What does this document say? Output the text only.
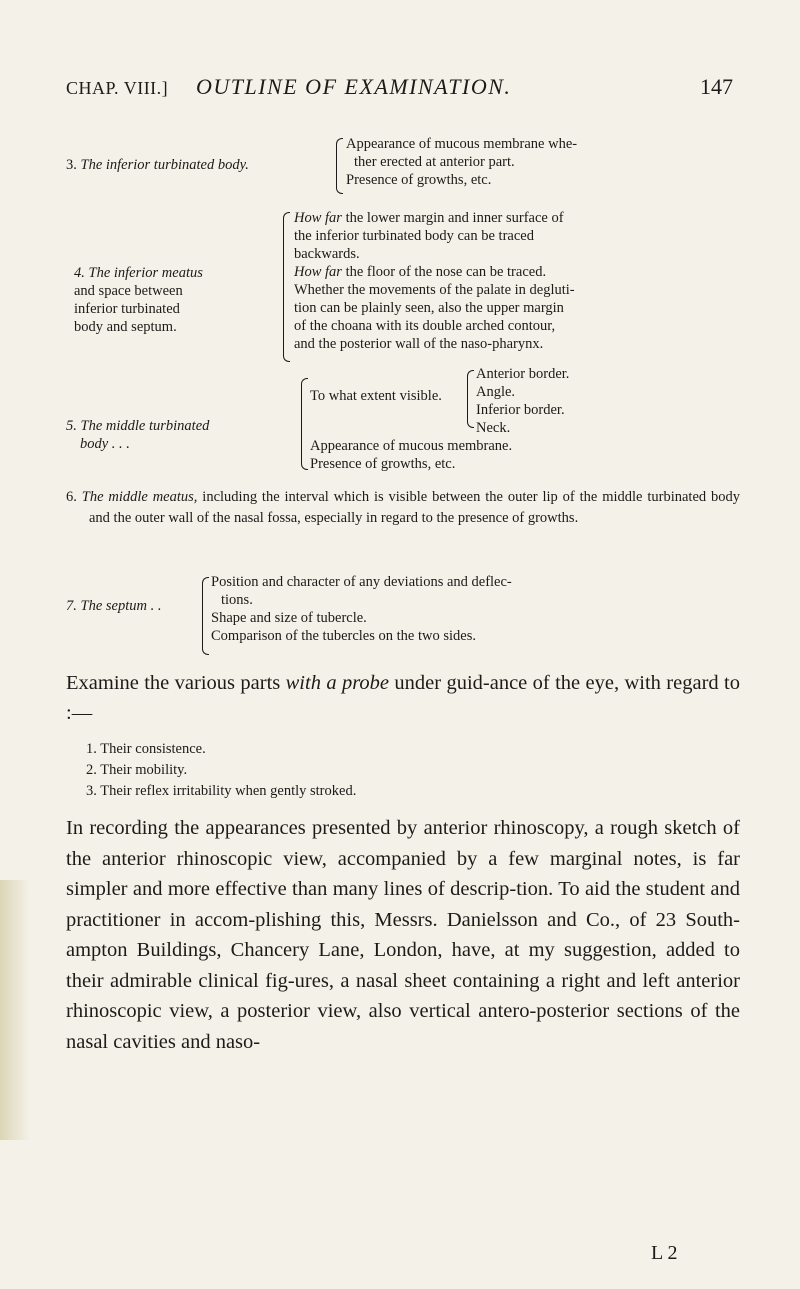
CHAP. VIII.] OUTLINE OF EXAMINATION.	147
3. The inferior turbinated body.
Appearance of mucous membrane whe-
ther erected at anterior part.
Presence of growths, etc.
4. The inferior meatus
and space between
inferior turbinated
body and septum.
How far the lower margin and inner surface of
the inferior turbinated body can be traced
backwards.
How far the floor of the nose can be traced.
Whether the movements of the palate in degluti-
tion can be plainly seen, also the upper margin
of the choana with its double arched contour,
and the posterior wall of the naso-pharynx.
5. The middle turbinated
body . . .
To what extent visible.
Anterior border.
Angle.
Inferior border.
Neck.
Appearance of mucous membrane.
Presence of growths, etc.
6. The middle meatus, including the interval which is visible between the outer lip of the middle turbinated body and the outer wall of the nasal fossa, especially in regard to the presence of growths.
7. The septum . .
Position and character of any deviations and deflec-
tions.
Shape and size of tubercle.
Comparison of the tubercles on the two sides.
Examine the various parts with a probe under guid-ance of the eye, with regard to :—
1. Their consistence.
2. Their mobility.
3. Their reflex irritability when gently stroked.
In recording the appearances presented by anterior rhinoscopy, a rough sketch of the anterior rhinoscopic view, accompanied by a few marginal notes, is far simpler and more effective than many lines of descrip-tion. To aid the student and practitioner in accom-plishing this, Messrs. Danielsson and Co., of 23 South-ampton Buildings, Chancery Lane, London, have, at my suggestion, added to their admirable clinical fig-ures, a nasal sheet containing a right and left anterior rhinoscopic view, a posterior view, also vertical antero-posterior sections of the nasal cavities and naso-
L 2
